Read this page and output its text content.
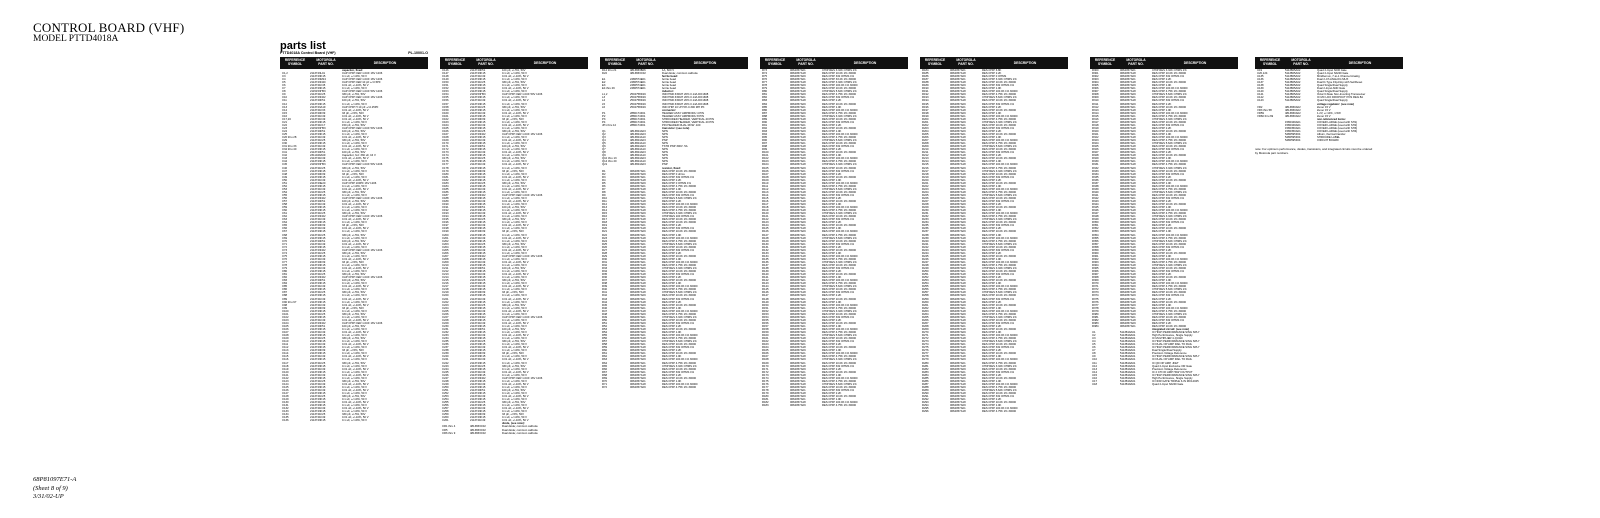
CONTROL BOARD (VHF)
MODEL PTTD4018A
parts list
PTTD4018A Control Board (VHF)	PL-10001-O
REFERENCE
SYMBOL
MOTOROLA
PART NO.	DESCRIPTION
capacitor, fixed:
C1,2	2113743L01	CAP CHIP CER 1.0UF 16V 1206
C3	2113743K15	0.1 uF, +/-10%, 50 V
C4	2113743M24	CAP CHIP CER 1.0UF 16V 1206
C5	2113743N40	CAP CHIP CER 10 pF +/-0.5PF
C6	2113741F45	0.01 uF, +/-10%, 50 V
C7	2113743K15	0.1 uF, +/-10%, 50 V
C8	2115153H53	CAP CHIP CER 1.0UF 50V 1206
C9	2113741F25	330 pF, +/-5%, 50V
C10	2113743N22	CAP CHIP CER 1.0UF 16V 1206
C11	2113740F51	100 pF, +/-5%, 50V
C12	2113743K15	0.1 uF, +/-10%, 50 V
C13	2113743A19	CAP CHIP H 10 pF +/-0.25PF
C14	2113741F33	0.01 uF, +/-10%, 50 V
C15	2113740F39	33 pF, +/-5%, 50V
C16	2113741F49	0.01 uF, +/-10%, 50 V
C17,20	2113741F49	0.01 uF, +/-10%, 50 V
C21	2113743K15	0.1 uF, +/-10%, 50 V
C22	2113741F17	150 pF, +/-5%, 50V
C23	2115153H53	CAP CHIP CER 1.0UF 50V 1206
C24	2113740F51	100 pF, +/-5%, 50V
C25	2113743K15	0.1 uF, +/-10%, 50 V
C26 thru 28	2113741F49	0.01 uF, +/-10%, 50 V
C29	2113741F25	330 pF, +/-5%, 50V
C30	2113743K15	0.1 uF, +/-10%, 50 V
C31 thru 33	2113741F49	0.01 uF, +/-10%, 50 V
C34 thru 40	2113743K15	0.1 uF, +/-10%, 50 V
C41	2113740F51	100 pF, +/-5%, 50V
C42	2311049A09	Capacitor, fxd: 330 uF, 16 V
C43	2113741F49	0.01 uF, +/-10%, 50 V
C44	2113743K15	0.1 uF, +/-10%, 50 V
C45	2115153H53	CAP CHIP CER 1.0UF 50V 1206
C46	2113741F25	330 pF, +/-5%, 50V
C47	2113743K15	0.1 uF, +/-10%, 50 V
C48	2113740F39	33 pF, +/-5%, 50V
C49	2113743K15	0.1 uF, +/-10%, 50 V
C50	2113741F49	0.01 uF, +/-10%, 50 V
C51	2113743E20	CAP CHIP 100PF 16V 1206
C52	2113743K15	0.1 uF, +/-10%, 50 V
C53	2113741F49	0.01 uF, +/-10%, 50 V
C54	2113741F25	330 pF, +/-5%, 50V
C55	2113743K15	0.1 uF, +/-10%, 50 V
C56	2113743N22	CAP CHIP CER 1.0UF 16V 1206
C57	2113740F51	100 pF, +/-5%, 50V
C58	2113741F49	0.01 uF, +/-10%, 50 V
C59	2113743K15	0.1 uF, +/-10%, 50 V
C60	2113743K15	0.1 uF, +/-10%, 50 V
C61	2113741F25	330 pF, +/-5%, 50V
C62	2113743N22	CAP CHIP CER 1.0UF 16V 1206
C63	2113741F49	0.01 uF, +/-10%, 50 V
C64	2113743K15	0.1 uF, +/-10%, 50 V
C65	2113740F39	33 pF, +/-5%, 50V
C66	2113741F49	0.01 uF, +/-10%, 50 V
C67	2113743K15	0.1 uF, +/-10%, 50 V
C68	2113741F25	330 pF, +/-5%, 50V
C69	2113743K15	0.1 uF, +/-10%, 50 V
C70	2113740F51	100 pF, +/-5%, 50V
C71	2113741F49	0.01 uF, +/-10%, 50 V
C72	2113743K15	0.1 uF, +/-10%, 50 V
C73	2113743N22	CAP CHIP CER 1.0UF 16V 1206
C74	2113741F25	330 pF, +/-5%, 50V
C75	2113743K15	0.1 uF, +/-10%, 50 V
C76	2113741F49	0.01 uF, +/-10%, 50 V
C77	2113740F39	33 pF, +/-5%, 50V
C78	2113743K15	0.1 uF, +/-10%, 50 V
C79	2113741F49	0.01 uF, +/-10%, 50 V
C80	2113743K15	0.1 uF, +/-10%, 50 V
C81	2113741F25	330 pF, +/-5%, 50V
C82	2113743N22	CAP CHIP CER 1.0UF 16V 1206
C83	2113740F51	100 pF, +/-5%, 50V
C84	2113743K15	0.1 uF, +/-10%, 50 V
C85	2113741F49	0.01 uF, +/-10%, 50 V
C86	2113743K15	0.1 uF, +/-10%, 50 V
C87	2113741F25	330 pF, +/-5%, 50V
C88	2113743K15	0.1 uF, +/-10%, 50 V
C89	2113741F49	0.01 uF, +/-10%, 50 V
C90 thru 97	2113743K15	0.1 uF, +/-10%, 50 V
C98	2113741F49	0.01 uF, +/-10%, 50 V
C99	2113740F39	33 pF, +/-5%, 50V
C100	2113743K15	0.1 uF, +/-10%, 50 V
C101	2113741F25	330 pF, +/-5%, 50V
C102	2113743K15	0.1 uF, +/-10%, 50 V
C103	2113741F49	0.01 uF, +/-10%, 50 V
C104	2113743N22	CAP CHIP CER 1.0UF 16V 1206
C105	2113740F51	100 pF, +/-5%, 50V
C106	2113743K15	0.1 uF, +/-10%, 50 V
C107	2113741F49	0.01 uF, +/-10%, 50 V
C108	2113743K15	0.1 uF, +/-10%, 50 V
C109	2113741F25	330 pF, +/-5%, 50V
C110	2113743K15	0.1 uF, +/-10%, 50 V
C111	2113741F49	0.01 uF, +/-10%, 50 V
C112	2113743K15	0.1 uF, +/-10%, 50 V
C113	2113740F39	33 pF, +/-5%, 50V
C114	2113743K15	0.1 uF, +/-10%, 50 V
C115	2113741F49	0.01 uF, +/-10%, 50 V
C116	2113743K15	0.1 uF, +/-10%, 50 V
C117	2113741F25	330 pF, +/-5%, 50V
C118	2113743K15	0.1 uF, +/-10%, 50 V
C119	2113741F49	0.01 uF, +/-10%, 50 V
C120	2113743K15	0.1 uF, +/-10%, 50 V
C121	2113741F49	0.01 uF, +/-10%, 50 V
C122	2113743K15	0.1 uF, +/-10%, 50 V
C123	2113741F25	330 pF, +/-5%, 50V
C124	2113741F49	0.01 uF, +/-10%, 50 V
C125	2113743K15	0.1 uF, +/-10%, 50 V
C126	2113741F49	0.01 uF, +/-10%, 50 V
C127	2113743K15	0.1 uF, +/-10%, 50 V
C128	2113741F25	330 pF, +/-5%, 50V
C129	2113743K15	0.1 uF, +/-10%, 50 V
C130	2113741F49	0.01 uF, +/-10%, 50 V
C131	2113743K15	0.1 uF, +/-10%, 50 V
C132	2113741F49	0.01 uF, +/-10%, 50 V
C133	2113743K15	0.1 uF, +/-10%, 50 V
C134	2113741F25	330 pF, +/-5%, 50V
C135	2113741F49	0.01 uF, +/-10%, 50 V
C136	2113743K15	0.1 uF, +/-10%, 50 V
REFERENCE
SYMBOL
MOTOROLA
PART NO.	DESCRIPTION
C146	2113740F51	100 pF, +/-5%, 50V
C147	2113743K15	0.1 uF, +/-10%, 50 V
C148	2113741F49	0.01 uF, +/-10%, 50 V
C149	2113743K15	0.1 uF, +/-10%, 50 V
C150	2113741F25	330 pF, +/-5%, 50V
C151	2113743K15	0.1 uF, +/-10%, 50 V
C152	2113741F49	0.01 uF, +/-10%, 50 V
C153	2113743K15	0.1 uF, +/-10%, 50 V
C154	2115153H53	CAP CHIP CER 1.0UF 50V 1206
C155	2113743K15	0.1 uF, +/-10%, 50 V
C156	2113741F49	0.01 uF, +/-10%, 50 V
C157	2113743K15	0.1 uF, +/-10%, 50 V
C158	2113741F25	330 pF, +/-5%, 50V
C159	2113743K15	0.1 uF, +/-10%, 50 V
C160	2113741F49	0.01 uF, +/-10%, 50 V
C161	2113743K15	0.1 uF, +/-10%, 50 V
C162	2113740F39	33 pF, +/-5%, 50V
C163	2113743K15	0.1 uF, +/-10%, 50 V
C164	2113741F49	0.01 uF, +/-10%, 50 V
C165	2113743K15	0.1 uF, +/-10%, 50 V
C166	2113741F25	330 pF, +/-5%, 50V
C167	2113743N22	CAP CHIP CER 1.0UF 16V 1206
C168	2113743K15	0.1 uF, +/-10%, 50 V
C169	2113741F49	0.01 uF, +/-10%, 50 V
C170	2113743K15	0.1 uF, +/-10%, 50 V
C171	2113740F51	100 pF, +/-5%, 50V
C172	2113743K15	0.1 uF, +/-10%, 50 V
C173	2113741F49	0.01 uF, +/-10%, 50 V
C174	2113743K15	0.1 uF, +/-10%, 50 V
C175	2113741F25	330 pF, +/-5%, 50V
C176	2113743K15	0.1 uF, +/-10%, 50 V
C177	2113741F49	0.01 uF, +/-10%, 50 V
C178	2113743K15	0.1 uF, +/-10%, 50 V
C179	2113740F39	33 pF, +/-5%, 50V
C180	2113743K15	0.1 uF, +/-10%, 50 V
C181	2113741F49	0.01 uF, +/-10%, 50 V
C182	2113743K15	0.1 uF, +/-10%, 50 V
C183	2113741F25	330 pF, +/-5%, 50V
C184	2113743K15	0.1 uF, +/-10%, 50 V
C185	2113741F49	0.01 uF, +/-10%, 50 V
C186	2113743K15	0.1 uF, +/-10%, 50 V
C187	2113743N22	CAP CHIP CER 1.0UF 16V 1206
C188	2113743K15	0.1 uF, +/-10%, 50 V
C189	2113741F49	0.01 uF, +/-10%, 50 V
C190	2113743K15	0.1 uF, +/-10%, 50 V
C191	2113740F51	100 pF, +/-5%, 50V
C192	2113743K15	0.1 uF, +/-10%, 50 V
C193	2113741F49	0.01 uF, +/-10%, 50 V
C194	2113743K15	0.1 uF, +/-10%, 50 V
C195	2113741F25	330 pF, +/-5%, 50V
C196	2113743K15	0.1 uF, +/-10%, 50 V
C197	2113741F49	0.01 uF, +/-10%, 50 V
C198	2113743K15	0.1 uF, +/-10%, 50 V
C199	2113740F39	33 pF, +/-5%, 50V
C200	2113743K15	0.1 uF, +/-10%, 50 V
C201	2113741F49	0.01 uF, +/-10%, 50 V
C202	2113743K15	0.1 uF, +/-10%, 50 V
C203	2113741F25	330 pF, +/-5%, 50V
C204	2113743K15	0.1 uF, +/-10%, 50 V
C205	2113741F49	0.01 uF, +/-10%, 50 V
C206	2113743K15	0.1 uF, +/-10%, 50 V
C207	2113743N22	CAP CHIP CER 1.0UF 16V 1206
C208	2113743K15	0.1 uF, +/-10%, 50 V
C209	2113741F49	0.01 uF, +/-10%, 50 V
C210	2113743K15	0.1 uF, +/-10%, 50 V
C211	2113740F51	100 pF, +/-5%, 50V
C212	2113743K15	0.1 uF, +/-10%, 50 V
C213	2113741F49	0.01 uF, +/-10%, 50 V
C214	2113743K15	0.1 uF, +/-10%, 50 V
C215	2113741F25	330 pF, +/-5%, 50V
C216	2113743K15	0.1 uF, +/-10%, 50 V
C217	2113741F49	0.01 uF, +/-10%, 50 V
C218	2113743K15	0.1 uF, +/-10%, 50 V
C219	2113740F39	33 pF, +/-5%, 50V
C220	2113743K15	0.1 uF, +/-10%, 50 V
C221	2113741F49	0.01 uF, +/-10%, 50 V
C222	2113743K15	0.1 uF, +/-10%, 50 V
C223	2113741F25	330 pF, +/-5%, 50V
C224	2113743K15	0.1 uF, +/-10%, 50 V
C225	2113741F49	0.01 uF, +/-10%, 50 V
C226	2113743K15	0.1 uF, +/-10%, 50 V
C227	2113743N22	CAP CHIP CER 1.0UF 16V 1206
C228	2113743K15	0.1 uF, +/-10%, 50 V
C229	2113741F49	0.01 uF, +/-10%, 50 V
C230	2113743K15	0.1 uF, +/-10%, 50 V
C231	2113740F51	100 pF, +/-5%, 50V
C232	2113743K15	0.1 uF, +/-10%, 50 V
C233	2113741F49	0.01 uF, +/-10%, 50 V
C234	2113743K15	0.1 uF, +/-10%, 50 V
C235	2113741F25	330 pF, +/-5%, 50V
C236	2113743K15	0.1 uF, +/-10%, 50 V
C237	2113741F49	0.01 uF, +/-10%, 50 V
C238	2113743K15	0.1 uF, +/-10%, 50 V
C239	2113740F39	33 pF, +/-5%, 50V
C240	2113743K15	0.1 uF, +/-10%, 50 V
C241	2113741F49	0.01 uF, +/-10%, 50 V
C242	2113743K15	0.1 uF, +/-10%, 50 V
C243	2113741F25	330 pF, +/-5%, 50V
C244	2113743K15	0.1 uF, +/-10%, 50 V
C245	2113741F49	0.01 uF, +/-10%, 50 V
C246	2113743K15	0.1 uF, +/-10%, 50 V
C247	2113743N22	CAP CHIP CER 1.0UF 16V 1206
C248	2113743K15	0.1 uF, +/-10%, 50 V
C249	2113741F49	0.01 uF, +/-10%, 50 V
C250	2113743K15	0.1 uF, +/-10%, 50 V
C251	2113740F51	100 pF, +/-5%, 50V
C252	2113743K15	0.1 uF, +/-10%, 50 V
C253	2113741F49	0.01 uF, +/-10%, 50 V
C254	2113743K15	0.1 uF, +/-10%, 50 V
C255	2113741F25	330 pF, +/-5%, 50V
C256	2113743K15	0.1 uF, +/-10%, 50 V
C257	2113741F49	0.01 uF, +/-10%, 50 V
C258	2113743K15	0.1 uF, +/-10%, 50 V
C259	2113740F39	33 pF, +/-5%, 50V
C260	2113743K15	0.1 uF, +/-10%, 50 V
C261	2113741F49	0.01 uF, +/-10%, 50 V
diode, (see note):
CR1 thru 4	4813833C02	Dual diode; common cathode
CR5	4813833C02	Dual diode; common cathode
CR6 thru 9	4813833C02	Dual diode; common cathode
REFERENCE
SYMBOL
MOTOROLA
PART NO.	DESCRIPTION
D14 thru 21	4813833B26	1A, 600 V
D22	4813833C02	Dual diode; common cathode
ferrite bead:
E1	2480574E01	ferrite bead
E2	2480574E01	ferrite bead
E3	2480574E01	ferrite bead
E4 thru 29	2480574E01	ferrite bead
inductor:
L1,2	2502758D16	IND PWR 330UH 20% 0.14A DO1608
L3	2502758D16	IND PWR 330UH 20% 0.14A DO1608
L4	2502758D16	IND PWR 330UH 20% 0.14A DO1608
L5	2502758D16	IND PWR 330UH 20% 0.14A DO1608
L6	2502758D16	IND CHIP 10 UH 5% 0.300 MH PK
connector:
P1	2880174F01	HEADER ASSY AMPMODU 4 PIN
P2	2880174F01	HEADER ASSY AMPMODU 8 PIN
P3	2880174F01	SHROUDED HEADER, VERTICAL 40 PIN
P4	2880174F01	SHROUDED HEADER, VERTICAL 40 PIN
JP1 thru 12	2880174F01	PIN HEADER DUAL ROW .100
transistor: (see note)
Q1	4813824A03	NPN
Q2	4813824A03	NPN
Q3	4813824A10	NPN
Q4	4813824A03	PNP
Q5	4813824A10	NPN
Q6	4813824A03	TSTR PNP 300V .5A
Q7	4813824A10	NPN
Q8	4813824A03	NPN
Q9	4813824A10	NPN
Q10 thru 13	4813824A03	NPN
Q14 thru 20	4813824A10	NPN
Q21	4813824A03	PNP
resistor, fixed:
R1	0662057A01	RES CHIP 10.0K 1% 30000
R2	0662057A09	RES CHIP 0 ohms
R3	0662057A01	RES CHIP 332 OHMS 1%
R4	0662057A18	RES CHIP 2.2K
R5	0662057A09	RES CHIP 0 OHMS 1%
R6	0662057A01	RES CHIP 4.75K 1% 30000
R7	0662057A18	RES CHIP 1.0K
R8	0662057A01	RES CHIP 10.0K 1% 30000
R9	0662057A09	RES CHIP 332 OHMS 1%
R10	0662057A01	CHIP RES 5.62K OHMS 1%
R11	0662057A18	RES CHIP 2.2K
R12	0662057A09	RES CHIP 100.0K 1% 30000
R13	0662057A01	RES CHIP 10.0K 1% 30000
R14	0662057A18	RES CHIP 4.75K 1% 30000
R15	0662057A09	CHIP RES 3.32K OHMS 1%
R16	0662057A01	CHIP RES 100 OHMS 1%
R17	0662057A18	RES CHIP 10.0K 1% 30000
R18	0662057A09	RES CHIP 10.0K 1% 30000
R19	0662057A01	RES CHIP 2.2K
R20	0662057A18	RES CHIP 332 OHMS 1%
R21	0662057A09	RES CHIP 10.0K 1% 30000
R22	0662057A01	RES CHIP 1.0K
R23	0662057A18	RES CHIP 100.0K 1% 30000
R24	0662057A09	RES CHIP 4.75K 1% 30000
R25	0662057A01	CHIP RES 5.62K OHMS 1%
R26	0662057A18	RES CHIP 10.0K 1% 30000
R27	0662057A09	RES CHIP 332 OHMS 1%
R28	0662057A01	RES CHIP 2.2K
R29	0662057A18	RES CHIP 10.0K 1% 30000
R30	0662057A09	RES CHIP 1.0K
R31	0662057A01	RES CHIP 100.0K 1% 30000
R32	0662057A18	RES CHIP 4.75K 1% 30000
R33	0662057A09	CHIP RES 3.32K OHMS 1%
R34	0662057A01	RES CHIP 10.0K 1% 30000
R35	0662057A18	RES CHIP 332 OHMS 1%
R36	0662057A09	RES CHIP 2.2K
R37	0662057A01	RES CHIP 10.0K 1% 30000
R38	0662057A18	RES CHIP 1.0K
R39	0662057A09	RES CHIP 100.0K 1% 30000
R40	0662057A01	RES CHIP 4.75K 1% 30000
R41	0662057A18	CHIP RES 5.62K OHMS 1%
R42	0662057A09	RES CHIP 10.0K 1% 30000
R43	0662057A01	RES CHIP 332 OHMS 1%
R44	0662057A18	RES CHIP 2.2K
R45	0662057A09	RES CHIP 10.0K 1% 30000
R46	0662057A01	RES CHIP 1.0K
R47	0662057A18	RES CHIP 100.0K 1% 30000
R48	0662057A09	RES CHIP 4.75K 1% 30000
R49	0662057A01	CHIP RES 3.32K OHMS 1%
R50	0662057A18	RES CHIP 10.0K 1% 30000
R51	0662057A09	RES CHIP 332 OHMS 1%
R52	0662057A01	RES CHIP 2.2K
R53	0662057A18	RES CHIP 10.0K 1% 30000
R54	0662057A09	RES CHIP 1.0K
R55	0662057A01	RES CHIP 100.0K 1% 30000
R56	0662057A18	RES CHIP 4.75K 1% 30000
R57	0662057A09	CHIP RES 5.62K OHMS 1%
R58	0662057A01	RES CHIP 10.0K 1% 30000
R59	0662057A18	RES CHIP 332 OHMS 1%
R60	0662057A09	RES CHIP 2.2K
R61	0662057A01	RES CHIP 10.0K 1% 30000
R62	0662057A18	RES CHIP 1.0K
R63	0662057A09	RES CHIP 100.0K 1% 30000
R64	0662057A01	RES CHIP 4.75K 1% 30000
R65	0662057A18	CHIP RES 3.32K OHMS 1%
R66	0662057A09	RES CHIP 10.0K 1% 30000
R67	0662057A01	RES CHIP 332 OHMS 1%
R68	0662057A18	RES CHIP 2.2K
R69	0662057A09	RES CHIP 10.0K 1% 30000
R70	0662057A01	RES CHIP 1.0K
R71	0662057A18	RES CHIP 100.0K 1% 30000
R72	0662057A09	RES CHIP 4.75K 1% 30000
REFERENCE
SYMBOL
MOTOROLA
PART NO.	DESCRIPTION
R73	0662057A01	CHIP RES 3.32K OHMS 1%
R74	0662057A18	RES CHIP 10.0K 1% 30000
R75	0662057A09	RES CHIP 332 OHMS 1%
R76	0662057A01	RES CHIP 33.2K 1% 30000
R77	0662057A18	RES CHIP 3.32K OHMS 1%
R78	0662057A09	RES CHIP 100.0K 1% 30000
R79	0662057A01	RES CHIP 10.0K 1% 30000
R80	0662057A18	CHIP RES 5.62K OHMS 1%
R81	0662057A09	RES CHIP 4.75K 1% 30000
R82	0662057A01	RES CHIP 332 OHMS 1%
R83	0662057A18	RES CHIP 2.2K
R84	0662057A09	RES CHIP 10.0K 1% 30000
R85	0662057A01	RES CHIP 1.0K
R86	0662057A18	RES CHIP 100.0K 1% 30000
R87	0662057A09	RES CHIP 4.75K 1% 30000
R88	0662057A01	CHIP RES 3.32K OHMS 1%
R89	0662057A18	RES CHIP 10.0K 1% 30000
R90	0662057A09	RES CHIP 332 OHMS 1%
R91	0662057A01	RES CHIP 2.2K
R92	0662057A18	RES CHIP 10.0K 1% 30000
R93	0662057A09	RES CHIP 1.0K
R94	0662057A01	RES CHIP 100.0K 1% 30000
R95	0662057A18	RES CHIP 4.75K 1% 30000
R96	0662057A09	CHIP RES 5.62K OHMS 1%
R97	0662057A01	RES CHIP 10.0K 1% 30000
R98	0662057A18	RES CHIP 332 OHMS 1%
R99	0662057A09	RES CHIP 2.2K
R100	0662057A01	RES CHIP 10.0K 1% 30000
R101	0662057A18	RES CHIP 1.0K
R102	0662057A09	RES CHIP 100.0K 1% 30000
R103	0662057A01	RES CHIP 4.75K 1% 30000
R104	0662057A18	CHIP RES 3.32K OHMS 1%
R105	0662057A09	RES CHIP 10.0K 1% 30000
R106	0662057A01	RES CHIP 332 OHMS 1%
R107	0662057A18	RES CHIP 2.2K
R108	0662057A09	RES CHIP 10.0K 1% 30000
R109	0662057A01	RES CHIP 1.0K
R110	0662057A18	RES CHIP 100.0K 1% 30000
R111	0662057A09	RES CHIP 4.75K 1% 30000
R112	0662057A01	CHIP RES 5.62K OHMS 1%
R113	0662057A18	RES CHIP 10.0K 1% 30000
R114	0662057A09	RES CHIP 332 OHMS 1%
R115	0662057A01	RES CHIP 2.2K
R116	0662057A18	RES CHIP 10.0K 1% 30000
R117	0662057A09	RES CHIP 1.0K
R118	0662057A01	RES CHIP 100.0K 1% 30000
R119	0662057A18	RES CHIP 4.75K 1% 30000
R120	0662057A09	CHIP RES 3.32K OHMS 1%
R121	0662057A01	RES CHIP 10.0K 1% 30000
R122	0662057A18	RES CHIP 332 OHMS 1%
R123	0662057A09	RES CHIP 2.2K
R124	0662057A01	RES CHIP 10.0K 1% 30000
R125	0662057A18	RES CHIP 1.0K
R126	0662057A09	RES CHIP 100.0K 1% 30000
R127	0662057A01	RES CHIP 4.75K 1% 30000
R128	0662057A18	CHIP RES 5.62K OHMS 1%
R129	0662057A09	RES CHIP 10.0K 1% 30000
R130	0662057A01	RES CHIP 332 OHMS 1%
R131	0662057A18	RES CHIP 2.2K
R132	0662057A09	RES CHIP 10.0K 1% 30000
R133	0662057A01	RES CHIP 1.0K
R134	0662057A18	RES CHIP 100.0K 1% 30000
R135	0662057A09	RES CHIP 4.75K 1% 30000
R136	0662057A01	CHIP RES 3.32K OHMS 1%
R137	0662057A18	RES CHIP 10.0K 1% 30000
R138	0662057A09	RES CHIP 332 OHMS 1%
R139	0662057A01	RES CHIP 2.2K
R140	0662057A18	RES CHIP 10.0K 1% 30000
R141	0662057A09	RES CHIP 1.0K
R142	0662057A01	RES CHIP 100.0K 1% 30000
R143	0662057A18	RES CHIP 4.75K 1% 30000
R144	0662057A09	CHIP RES 5.62K OHMS 1%
R145	0662057A01	RES CHIP 10.0K 1% 30000
R146	0662057A18	RES CHIP 332 OHMS 1%
R147	0662057A09	RES CHIP 2.2K
R148	0662057A01	RES CHIP 10.0K 1% 30000
R149	0662057A18	RES CHIP 1.0K
R150	0662057A09	RES CHIP 100.0K 1% 30000
R151	0662057A01	RES CHIP 4.75K 1% 30000
R152	0662057A18	CHIP RES 3.32K OHMS 1%
R153	0662057A09	RES CHIP 10.0K 1% 30000
R154	0662057A01	RES CHIP 332 OHMS 1%
R155	0662057A18	RES CHIP 2.2K
R156	0662057A09	RES CHIP 10.0K 1% 30000
R157	0662057A01	RES CHIP 1.0K
R158	0662057A18	RES CHIP 100.0K 1% 30000
R159	0662057A09	RES CHIP 4.75K 1% 30000
R160	0662057A01	CHIP RES 5.62K OHMS 1%
R161	0662057A18	RES CHIP 10.0K 1% 30000
R162	0662057A09	RES CHIP 332 OHMS 1%
R163	0662057A01	RES CHIP 2.2K
R164	0662057A18	RES CHIP 10.0K 1% 30000
R165	0662057A09	RES CHIP 1.0K
R166	0662057A01	RES CHIP 100.0K 1% 30000
R167	0662057A18	RES CHIP 4.75K 1% 30000
R168	0662057A09	CHIP RES 3.32K OHMS 1%
R169	0662057A01	RES CHIP 10.0K 1% 30000
R170	0662057A18	RES CHIP 332 OHMS 1%
R171	0662057A09	RES CHIP 2.2K
R172	0662057A01	RES CHIP 10.0K 1% 30000
R173	0662057A18	RES CHIP 1.0K
R174	0662057A09	RES CHIP 100.0K 1% 30000
R175	0662057A01	RES CHIP 4.75K 1% 30000
R176	0662057A18	CHIP RES 5.62K OHMS 1%
R177	0662057A09	RES CHIP 10.0K 1% 30000
R178	0662057A01	RES CHIP 332 OHMS 1%
R179	0662057A18	RES CHIP 2.2K
R180	0662057A09	RES CHIP 10.0K 1% 30000
R181	0662057A01	RES CHIP 1.0K
R182	0662057A18	RES CHIP 100.0K 1% 30000
R183	0662057A09	RES CHIP 4.75K 1% 30000
REFERENCE
SYMBOL
MOTOROLA
PART NO.	DESCRIPTION
R184	0662057A01	RES CHIP 6.8K
R185	0662057A18	RES CHIP 2.2K
R186	0662057A09	RES CHIP 0 OHMS
R187	0662057A01	RES CHIP 3.32K OHMS 1%
R188	0662057A18	RES CHIP 10.0K 1% 30000
R189	0662057A09	RES CHIP 332 OHMS 1%
R190	0662057A01	RES CHIP 1.0K
R191	0662057A18	RES CHIP 100.0K 1% 30000
R192	0662057A09	RES CHIP 4.75K 1% 30000
R193	0662057A01	CHIP RES 5.62K OHMS 1%
R194	0662057A18	RES CHIP 10.0K 1% 30000
R195	0662057A09	RES CHIP 332 OHMS 1%
R196	0662057A01	RES CHIP 2.2K
R197	0662057A18	RES CHIP 10.0K 1% 30000
R198	0662057A09	RES CHIP 1.0K
R199	0662057A01	RES CHIP 100.0K 1% 30000
R200	0662057A18	RES CHIP 4.75K 1% 30000
R201	0662057A09	CHIP RES 3.32K OHMS 1%
R202	0662057A01	RES CHIP 10.0K 1% 30000
R203	0662057A18	RES CHIP 332 OHMS 1%
R204	0662057A09	RES CHIP 2.2K
R205	0662057A01	RES CHIP 10.0K 1% 30000
R206	0662057A18	RES CHIP 1.0K
R207	0662057A09	RES CHIP 100.0K 1% 30000
R208	0662057A01	RES CHIP 4.75K 1% 30000
R209	0662057A18	CHIP RES 5.62K OHMS 1%
R210	0662057A09	RES CHIP 10.0K 1% 30000
R211	0662057A01	RES CHIP 332 OHMS 1%
R212	0662057A18	RES CHIP 2.2K
R213	0662057A09	RES CHIP 10.0K 1% 30000
R214	0662057A01	RES CHIP 1.0K
R215	0662057A18	RES CHIP 100.0K 1% 30000
R216	0662057A09	RES CHIP 4.75K 1% 30000
R217	0662057A01	CHIP RES 3.32K OHMS 1%
R218	0662057A18	RES CHIP 10.0K 1% 30000
R219	0662057A09	RES CHIP 332 OHMS 1%
R220	0662057A01	RES CHIP 2.2K
R221	0662057A18	RES CHIP 10.0K 1% 30000
R222	0662057A09	RES CHIP 1.0K
R223	0662057A01	RES CHIP 100.0K 1% 30000
R224	0662057A18	RES CHIP 4.75K 1% 30000
R225	0662057A09	CHIP RES 5.62K OHMS 1%
R226	0662057A01	RES CHIP 10.0K 1% 30000
R227	0662057A18	RES CHIP 332 OHMS 1%
R228	0662057A09	RES CHIP 2.2K
R229	0662057A01	RES CHIP 10.0K 1% 30000
R230	0662057A18	RES CHIP 1.0K
R231	0662057A09	RES CHIP 100.0K 1% 30000
R232	0662057A01	RES CHIP 4.75K 1% 30000
R233	0662057A18	CHIP RES 3.32K OHMS 1%
R234	0662057A09	RES CHIP 10.0K 1% 30000
R235	0662057A01	RES CHIP 332 OHMS 1%
R236	0662057A18	RES CHIP 2.2K
R237	0662057A09	RES CHIP 10.0K 1% 30000
R238	0662057A01	RES CHIP 1.0K
R239	0662057A18	RES CHIP 100.0K 1% 30000
R240	0662057A09	RES CHIP 4.75K 1% 30000
R241	0662057A01	CHIP RES 5.62K OHMS 1%
R242	0662057A18	RES CHIP 10.0K 1% 30000
R243	0662057A09	RES CHIP 332 OHMS 1%
R244	0662057A01	RES CHIP 2.2K
R245	0662057A18	RES CHIP 10.0K 1% 30000
R246	0662057A09	RES CHIP 1.0K
R247	0662057A01	RES CHIP 100.0K 1% 30000
R248	0662057A18	RES CHIP 4.75K 1% 30000
R249	0662057A09	CHIP RES 3.32K OHMS 1%
R250	0662057A01	RES CHIP 10.0K 1% 30000
R251	0662057A18	RES CHIP 332 OHMS 1%
R252	0662057A09	RES CHIP 2.2K
R253	0662057A01	RES CHIP 10.0K 1% 30000
R254	0662057A18	RES CHIP 1.0K
R255	0662057A09	RES CHIP 100.0K 1% 30000
R256	0662057A01	RES CHIP 4.75K 1% 30000
R257	0662057A18	CHIP RES 5.62K OHMS 1%
R258	0662057A09	RES CHIP 10.0K 1% 30000
R259	0662057A01	RES CHIP 332 OHMS 1%
R260	0662057A18	RES CHIP 2.2K
R261	0662057A09	RES CHIP 10.0K 1% 30000
R262	0662057A01	RES CHIP 1.0K
R263	0662057A18	RES CHIP 100.0K 1% 30000
R264	0662057A09	RES CHIP 4.75K 1% 30000
R265	0662057A01	CHIP RES 3.32K OHMS 1%
R266	0662057A18	RES CHIP 10.0K 1% 30000
R267	0662057A09	RES CHIP 332 OHMS 1%
R268	0662057A01	RES CHIP 2.2K
R269	0662057A18	RES CHIP 10.0K 1% 30000
R270	0662057A09	RES CHIP 1.0K
R271	0662057A01	RES CHIP 100.0K 1% 30000
R272	0662057A18	RES CHIP 4.75K 1% 30000
R273	0662057A09	CHIP RES 5.62K OHMS 1%
R274	0662057A01	RES CHIP 10.0K 1% 30000
R275	0662057A18	RES CHIP 332 OHMS 1%
R276	0662057A09	RES CHIP 2.2K
R277	0662057A01	RES CHIP 10.0K 1% 30000
R278	0662057A18	RES CHIP 1.0K
R279	0662057A09	RES CHIP 100.0K 1% 30000
R280	0662057A01	RES CHIP 4.75K 1% 30000
R281	0662057A18	CHIP RES 3.32K OHMS 1%
R282	0662057A09	RES CHIP 10.0K 1% 30000
R283	0662057A01	RES CHIP 332 OHMS 1%
R284	0662057A18	RES CHIP 2.2K
R285	0662057A09	RES CHIP 10.0K 1% 30000
R286	0662057A01	RES CHIP 1.0K
R287	0662057A18	RES CHIP 100.0K 1% 30000
R288	0662057A09	RES CHIP 4.75K 1% 30000
R289	0662057A01	CHIP RES 5.62K OHMS 1%
R290	0662057A18	RES CHIP 10.0K 1% 30000
R291	0662057A09	RES CHIP 332 OHMS 1%
R292	0662057A01	RES CHIP 2.2K
R293	0662057A18	RES CHIP 10.0K 1% 30000
R294	0662057A09	RES CHIP 1.0K
R295	0662057A01	RES CHIP 100.0K 1% 30000
R296	0662057A18	RES CHIP 4.75K 1% 30000
REFERENCE
SYMBOL
MOTOROLA
PART NO.	DESCRIPTION
R300	0662057A01	CHIP RES 3.32K OHMS 1%
R301	0662057A18	RES CHIP 10.0K 1% 30000
R302	0662057A09	RES CHIP 332 OHMS 1%
R303	0662057A01	RES CHIP 2.2K
R304	0662057A18	RES CHIP 10.0K 1% 30000
R305	0662057A09	RES CHIP 1.0K
R306	0662057A01	RES CHIP 100.0K 1% 30000
R307	0662057A18	RES CHIP 4.75K 1% 30000
R308	0662057A09	CHIP RES 5.62K OHMS 1%
R309	0662057A01	RES CHIP 10.0K 1% 30000
R310	0662057A18	RES CHIP 332 OHMS 1%
R311	0662057A09	RES CHIP 2.2K
R312	0662057A01	RES CHIP 10.0K 1% 30000
R313	0662057A18	RES CHIP 1.0K
R314	0662057A09	RES CHIP 100.0K 1% 30000
R315	0662057A01	RES CHIP 4.75K 1% 30000
R316	0662057A18	CHIP RES 3.32K OHMS 1%
R317	0662057A09	RES CHIP 10.0K 1% 30000
R318	0662057A01	RES CHIP 332 OHMS 1%
R319	0662057A18	RES CHIP 2.2K
R320	0662057A09	RES CHIP 10.0K 1% 30000
R321	0662057A01	RES CHIP 1.0K
R322	0662057A18	RES CHIP 100.0K 1% 30000
R323	0662057A09	RES CHIP 4.75K 1% 30000
R324	0662057A01	CHIP RES 5.62K OHMS 1%
R325	0662057A18	RES CHIP 10.0K 1% 30000
R326	0662057A09	RES CHIP 332 OHMS 1%
R327	0662057A01	RES CHIP 2.2K
R328	0662057A18	RES CHIP 10.0K 1% 30000
R329	0662057A09	RES CHIP 1.0K
R330	0662057A01	RES CHIP 100.0K 1% 30000
R331	0662057A18	RES CHIP 4.75K 1% 30000
R332	0662057A09	CHIP RES 3.32K OHMS 1%
R333	0662057A01	RES CHIP 10.0K 1% 30000
R334	0662057A18	RES CHIP 332 OHMS 1%
R335	0662057A09	RES CHIP 2.2K
R336	0662057A01	RES CHIP 10.0K 1% 30000
R337	0662057A18	RES CHIP 1.0K
R338	0662057A09	RES CHIP 100.0K 1% 30000
R339	0662057A01	RES CHIP 4.75K 1% 30000
R340	0662057A18	CHIP RES 5.62K OHMS 1%
R341	0662057A09	RES CHIP 10.0K 1% 30000
R342	0662057A01	RES CHIP 332 OHMS 1%
R343	0662057A18	RES CHIP 2.2K
R344	0662057A09	RES CHIP 10.0K 1% 30000
R345	0662057A01	RES CHIP 1.0K
R346	0662057A18	RES CHIP 100.0K 1% 30000
R347	0662057A09	RES CHIP 4.75K 1% 30000
R348	0662057A01	CHIP RES 3.32K OHMS 1%
R349	0662057A18	RES CHIP 10.0K 1% 30000
R350	0662057A09	RES CHIP 332 OHMS 1%
R351	0662057A01	RES CHIP 2.2K
R352	0662057A18	RES CHIP 10.0K 1% 30000
R353	0662057A09	RES CHIP 1.0K
R354	0662057A01	RES CHIP 100.0K 1% 30000
R355	0662057A18	RES CHIP 4.75K 1% 30000
R356	0662057A09	CHIP RES 5.62K OHMS 1%
R357	0662057A01	RES CHIP 10.0K 1% 30000
R358	0662057A18	RES CHIP 332 OHMS 1%
R359	0662057A09	RES CHIP 2.2K
R360	0662057A01	RES CHIP 10.0K 1% 30000
R361	0662057A18	RES CHIP 1.0K
R362	0662057A09	RES CHIP 100.0K 1% 30000
R363	0662057A01	RES CHIP 4.75K 1% 30000
R364	0662057A18	CHIP RES 3.32K OHMS 1%
R365	0662057A09	RES CHIP 10.0K 1% 30000
R366	0662057A01	RES CHIP 332 OHMS 1%
R367	0662057A18	RES CHIP 2.2K
R368	0662057A09	RES CHIP 10.0K 1% 30000
R369	0662057A01	RES CHIP 1.0K
R370	0662057A18	RES CHIP 100.0K 1% 30000
R371	0662057A09	RES CHIP 4.75K 1% 30000
R372	0662057A01	CHIP RES 5.62K OHMS 1%
R373	0662057A18	RES CHIP 10.0K 1% 30000
R374	0662057A09	RES CHIP 332 OHMS 1%
R375	0662057A01	RES CHIP 2.2K
R376	0662057A18	RES CHIP 10.0K 1% 30000
R377	0662057A09	RES CHIP 1.0K
R378	0662057A01	RES CHIP 100.0K 1% 30000
R379	0662057A18	RES CHIP 4.75K 1% 30000
R380	0662057A09	CHIP RES 3.32K OHMS 1%
R381	0662057A01	RES CHIP 10.0K 1% 30000
R382	0662057A18	RES CHIP 332 OHMS 1%
R383	0662057A09	RES CHIP 2.2K
R384	0662057A01	RES CHIP 10.0K 1% 30000
integrated circuit: (see note)
U1	5113819A01	IC HIGH PERFORMANCE SING SPLY
U2	5113819A01	High Performance, Single Supply
U3	5113819A01	IC MULTIPLIER 4-QUAD
U4	5113819A01	IC HIGH PERFORMANCE SING SPLY
U5	5113819A01	IC DUAL OP AMP RAIL TO RAIL
U6	5113819A01	IC HIGH PERFORMANCE SING SPLY
U7	5113819A01	Dual Single/Dual Supply
U8	5113819A01	Precision Voltage Reference
U9	5113819A01	IC HIGH PERFORMANCE SING SPLY
U10	5113819A01	IC DUAL OP AMP RAIL TO RAIL
U11	5113819A01	IC QD OP AMP, JFET
U12	5113819A01	Quad 2-Input Exclusive OR Gate
U13	5113819A01	Precision Voltage Reference
U14	5113819A01	IC 2 CH OF AMP HIGH OUTPUT
U15	5113819A01	IC HIGH PERFORMANCE SING SPLY
U16	5113819A01	High Performance, Single Supply
U17	5113819A01	IC NOR GATE TRIPLE 3-IN MC14025
U18	5113819A01	Quad 2-Input NAND Gate
REFERENCE
SYMBOL
MOTOROLA
PART NO.	DESCRIPTION
U19	5113805A02	Quad 2-Input NOR Gate
U20,124	5113805A02	Quad 2-Input NAND Gate
U135	5113805A02	MiniDemux, 7-to-1 Channel Analog
U136	5113805A02	Dual 2-Ch ANALOG MUX
U137	5113805A02	Dual D-Type Flip-Flop with Set/Reset
U138	5113805A02	Quad Single/Dual Supply
U139	5113805A02	Dual 2-Input AND Gate
U140	5113805A02	Quad Single/Dual Supply
U141	5113805A02	Octal 3-State Non-Inverting Transceiver
U142	5113805A02	IC MC LDO DROPOUT POS REG 8A
U143	5113805A02	Quad Single/Dual Supply
voltage regulator: (see note)
VR2	4813830A02	Zener 15 V
VR3 thru 58	4813830A02	Zener 15 V
VR59	4813830A02	1.2V, +/-10%, 1.5W
VR60 thru 69	4813830A02	Zener 15 V
non-referenced items:
1580349A01	COVER LARGE (used with SH1)
1580349A01	COVER LARGE (used with SH2)
1580350A01	COVER LARGE (used with SH3)
1580350A01	COVER LARGE (used with SH4)
5480595F04	Album, thermal transfer
5480595F04	SHROUDE LABEL
5480595F04	CIRCUIT BOARD
note: For optimum performance, diodes, transistors, and integrated circuits must be ordered by Motorola part numbers.
68P81097E71-A
(Sheet 8 of 9)
3/31/02-UP
